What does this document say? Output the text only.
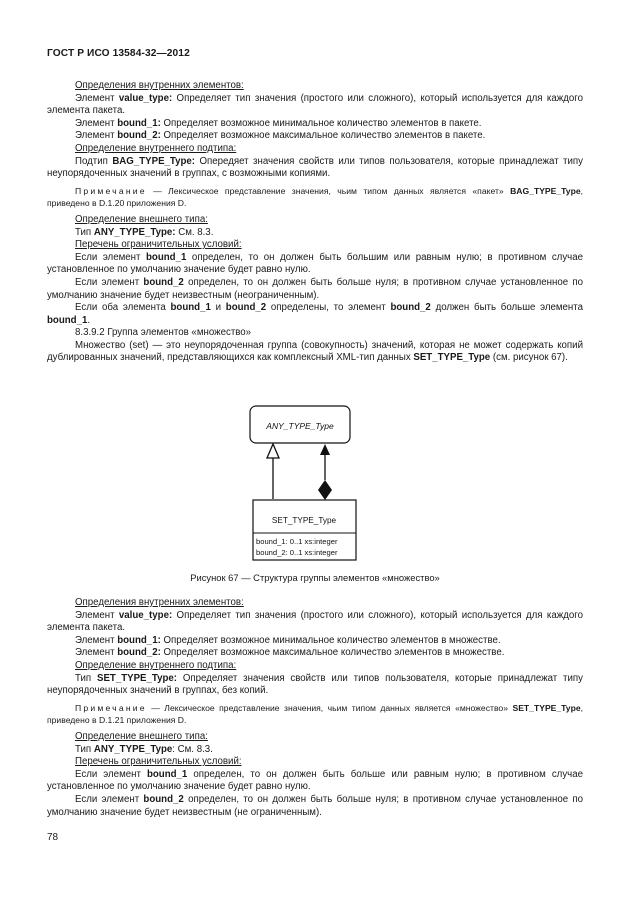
ГОСТ Р ИСО 13584-32—2012

Определения внутренних элементов:

Элемент value_type: Определяет тип значения (простого или сложного), который используется для каждого элемента пакета.

Элемент bound_1: Определяет возможное минимальное количество элементов в пакете.

Элемент bound_2: Определяет возможное максимальное количество элементов в пакете.

Определение внутреннего подтипа:

Подтип BAG_TYPE_Type: Опередяет значения свойств или типов пользователя, которые принадлежат типу неупорядоченных значений в группах, с возможными копиями.

Примечание — Лексическое представление значения, чьим типом данных является «пакет» BAG_TYPE_Type, приведено в D.1.20 приложения D.

Определение внешнего типа:

Тип ANY_TYPE_Type: См. 8.3.

Перечень ограничительных условий:

Если элемент bound_1 определен, то он должен быть большим или равным нулю; в противном случае установленное по умолчанию значение будет равно нулю.

Если элемент bound_2 определен, то он должен быть больше нуля; в противном случае установленное по умолчанию значение будет неизвестным (неограниченным).

Если оба элемента bound_1 и bound_2 определены, то элемент bound_2 должен быть больше элемента bound_1.

8.3.9.2 Группа элементов «множество»

Множество (set) — это неупорядоченная группа (совокупность) значений, которая не может содержать копий дублированных значений, представляющихся как комплексный XML-тип данных SET_TYPE_Type (см. рисунок 67).

ANY_TYPE_Type
SET_TYPE_Type
bound_1: 0..1 xs:integer
bound_2: 0..1 xs:integer
Рисунок 67 — Структура группы элементов «множество»

Определения внутренних элементов:

Элемент value_type: Определяет тип значения (простого или сложного), который используется для каждого элемента пакета.

Элемент bound_1: Определяет возможное минимальное количество элементов в множестве.

Элемент bound_2: Определяет возможное максимальное количество элементов в множестве.

Определение внутреннего подтипа:

Тип SET_TYPE_Type: Определяет значения свойств или типов пользователя, которые принадлежат типу неупорядоченных значений в группах, без копий.

Примечание — Лексическое представление значения, чьим типом данных является «множество» SET_TYPE_Type, приведено в D.1.21 приложения D.

Определение внешнего типа:

Тип ANY_TYPE_Type: См. 8.3.

Перечень ограничительных условий:

Если элемент bound_1 определен, то он должен быть больше или равным нулю; в противном случае установленное по умолчанию значение будет равно нулю.

Если элемент bound_2 определен, то он должен быть больше нуля; в противном случае установленное по умолчанию значение будет неизвестным (не ограниченным).

78
